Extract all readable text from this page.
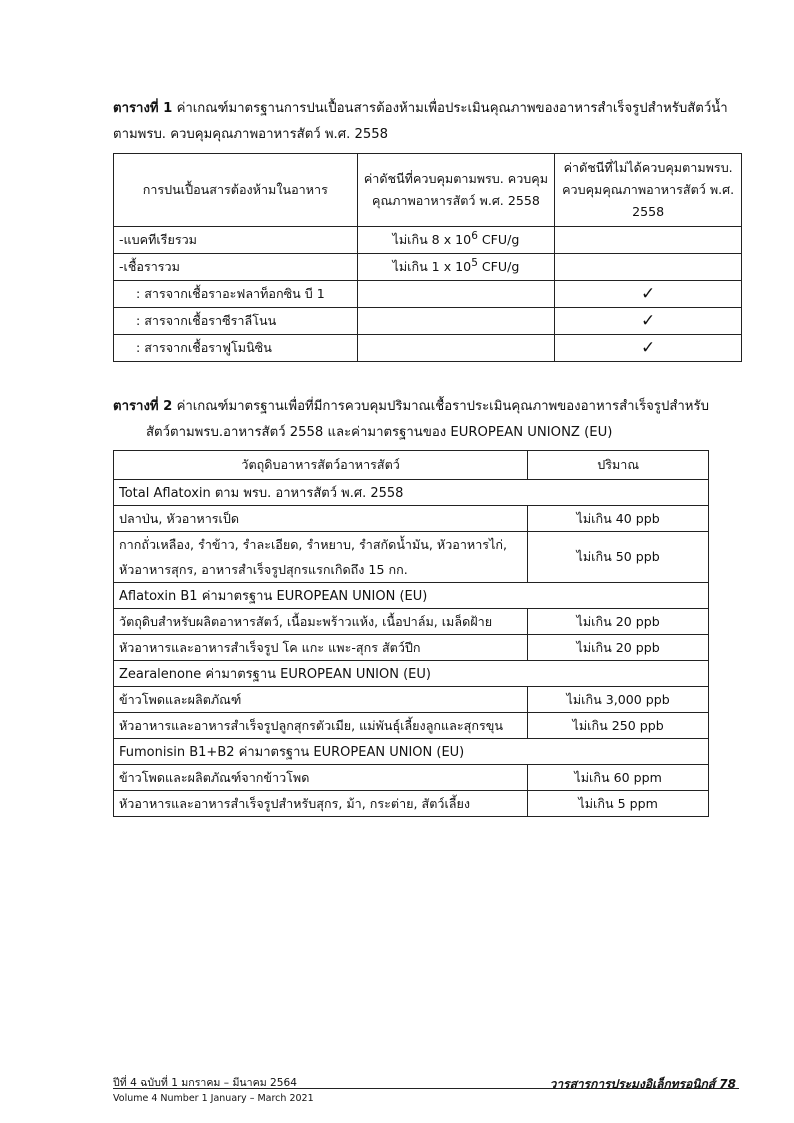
ตารางที่ 1 ค่าเกณฑ์มาตรฐานการปนเปื้อนสารต้องห้ามเพื่อประเมินคุณภาพของอาหารสำเร็จรูปสำหรับสัตว์น้ำ
ตามพรบ. ควบคุมคุณภาพอาหารสัตว์ พ.ศ. 2558
การปนเปื้อนสารต้องห้ามในอาหาร	ค่าดัชนีที่ควบคุมตามพรบ. ควบคุมคุณภาพอาหารสัตว์ พ.ศ. 2558	ค่าดัชนีที่ไม่ได้ควบคุมตามพรบ. ควบคุมคุณภาพอาหารสัตว์ พ.ศ. 2558
-แบคทีเรียรวม	ไม่เกิน 8 x $10^6$ CFU/g	
-เชื้อรารวม	ไม่เกิน 1 x $10^5$ CFU/g	
: สารจากเชื้อราอะฟลาท็อกซิน บี 1		✓
: สารจากเชื้อราซีราลีโนน		✓
: สารจากเชื้อราฟูโมนิซิน		✓
ตารางที่ 2 ค่าเกณฑ์มาตรฐานเพื่อที่มีการควบคุมปริมาณเชื้อราประเมินคุณภาพของอาหารสำเร็จรูปสำหรับ
สัตว์ตามพรบ.อาหารสัตว์ 2558 และค่ามาตรฐานของ EUROPEAN UNIONZ (EU)
วัตถุดิบอาหารสัตว์อาหารสัตว์	ปริมาณ
Total Aflatoxin ตาม พรบ. อาหารสัตว์ พ.ศ. 2558	
ปลาป่น, หัวอาหารเป็ด	ไม่เกิน 40 ppb
กากถั่วเหลือง, รำข้าว, รำละเอียด, รำหยาบ, รำสกัดน้ำมัน, หัวอาหารไก่,
หัวอาหารสุกร, อาหารสำเร็จรูปสุกรแรกเกิดถึง 15 กก.	ไม่เกิน 50 ppb
Aflatoxin B1 ค่ามาตรฐาน EUROPEAN UNION (EU)	
วัตถุดิบสำหรับผลิตอาหารสัตว์, เนื้อมะพร้าวแห้ง, เนื้อปาล์ม, เมล็ดฝ้าย	ไม่เกิน 20 ppb
หัวอาหารและอาหารสำเร็จรูป โค แกะ แพะ-สุกร สัตว์ปีก	ไม่เกิน 20 ppb
Zearalenone ค่ามาตรฐาน EUROPEAN UNION (EU)	
ข้าวโพดและผลิตภัณฑ์	ไม่เกิน 3,000 ppb
หัวอาหารและอาหารสำเร็จรูปลูกสุกรตัวเมีย, แม่พันธุ์เลี้ยงลูกและสุกรขุน	ไม่เกิน 250 ppb
Fumonisin B1+B2 ค่ามาตรฐาน EUROPEAN UNION (EU)	
ข้าวโพดและผลิตภัณฑ์จากข้าวโพด	ไม่เกิน 60 ppm
หัวอาหารและอาหารสำเร็จรูปสำหรับสุกร, ม้า, กระต่าย, สัตว์เลี้ยง	ไม่เกิน 5 ppm
ปีที่ 4 ฉบับที่ 1 มกราคม – มีนาคม 2564
Volume 4 Number 1 January – March 2021
วารสารการประมงอิเล็กทรอนิกส์ 78
